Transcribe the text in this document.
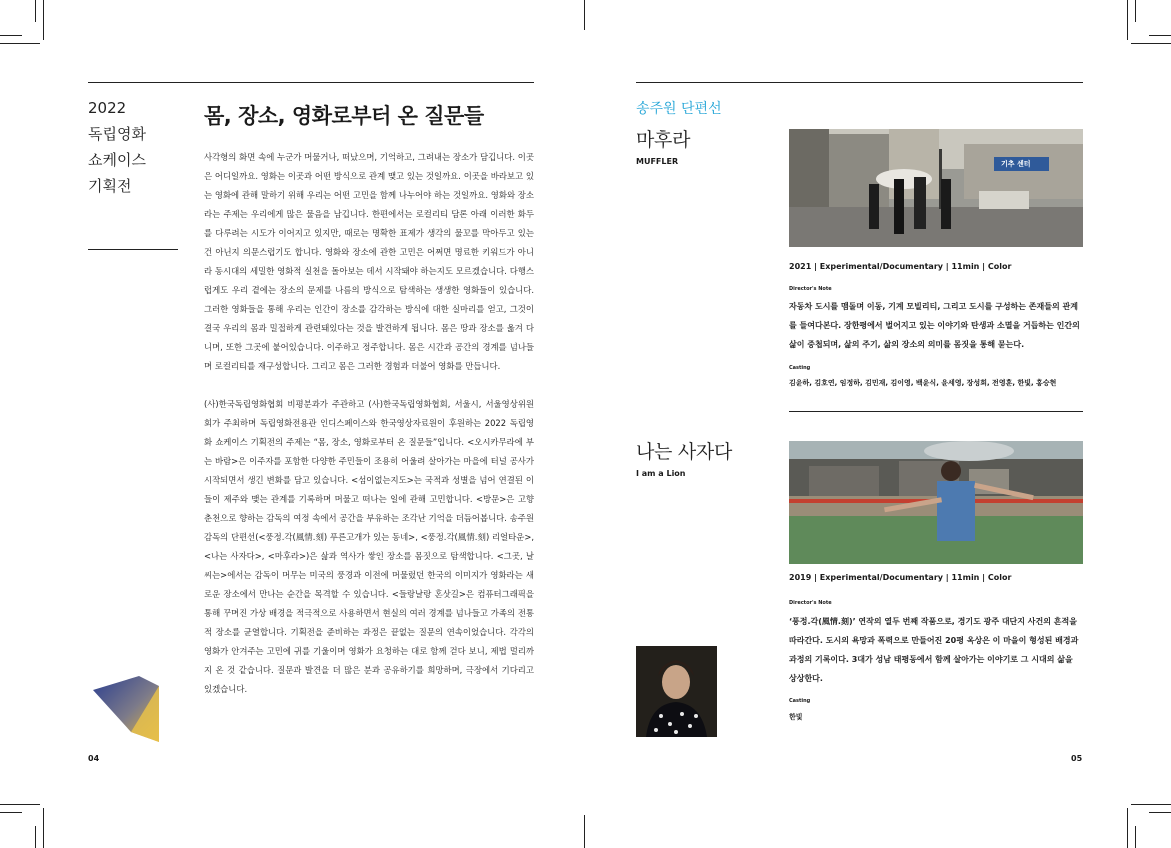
2022
독립영화
쇼케이스
기획전
몸, 장소, 영화로부터 온 질문들

사각형의 화면 속에 누군가 머물거나, 떠났으며, 기억하고, 그려내는 장소가 담깁니다. 이곳은 어디일까요. 영화는 이곳과 어떤 방식으로 관계 맺고 있는 것일까요. 이곳을 바라보고 있는 영화에 관해 말하기 위해 우리는 어떤 고민을 함께 나누어야 하는 것일까요. 영화와 장소라는 주제는 우리에게 많은 물음을 남깁니다. 한편에서는 로컬리티 담론 아래 이러한 화두를 다루려는 시도가 이어지고 있지만, 때로는 명확한 표제가 생각의 물꼬를 막아두고 있는 건 아닌지 의문스럽기도 합니다. 영화와 장소에 관한 고민은 어쩌면 명료한 키워드가 아니라 동시대의 세밀한 영화적 실천을 돌아보는 데서 시작돼야 하는지도 모르겠습니다. 다행스럽게도 우리 곁에는 장소의 문제를 나름의 방식으로 탐색하는 생생한 영화들이 있습니다. 그러한 영화들을 통해 우리는 인간이 장소를 감각하는 방식에 대한 실마리를 얻고, 그것이 결국 우리의 몸과 밀접하게 관련돼있다는 것을 발견하게 됩니다. 몸은 땅과 장소를 옮겨 다니며, 또한 그곳에 붙어있습니다. 이주하고 정주합니다. 몸은 시간과 공간의 경계를 넘나들며 로컬리티를 재구성합니다. 그리고 몸은 그러한 경험과 더불어 영화를 만듭니다.

(사)한국독립영화협회 비평분과가 주관하고 (사)한국독립영화협회, 서울시, 서울영상위원회가 주최하며 독립영화전용관 인디스페이스와 한국영상자료원이 후원하는 2022 독립영화 쇼케이스 기획전의 주제는 “몸, 장소, 영화로부터 온 질문들”입니다. <오시카무라에 부는 바람>은 이주자를 포함한 다양한 주민들이 조용히 어울려 살아가는 마을에 터널 공사가 시작되면서 생긴 변화를 담고 있습니다. <섬이없는지도>는 국적과 성별을 넘어 연결된 이들이 제주와 맺는 관계를 기록하며 머물고 떠나는 일에 관해 고민합니다. <방문>은 고향 춘천으로 향하는 감독의 여정 속에서 공간을 부유하는 조각난 기억을 더듬어봅니다. 송주원 감독의 단편선(<풍정.각(風情.刻) 푸른고개가 있는 동네>, <풍정.각(風情.刻) 리얼타운>, <나는 사자다>, <마후라>)은 삶과 역사가 쌓인 장소를 몸짓으로 탐색합니다. <그곳, 날씨는>에서는 감독이 머무는 미국의 풍경과 이전에 머물렀던 한국의 이미지가 영화라는 새로운 장소에서 만나는 순간을 목격할 수 있습니다. <들랑날랑 혼삿길>은 컴퓨터그래픽을 통해 꾸며진 가상 배경을 적극적으로 사용하면서 현실의 여러 경계를 넘나들고 가족의 전통적 장소를 균열합니다. 기획전을 준비하는 과정은 끝없는 질문의 연속이었습니다. 각각의 영화가 안겨주는 고민에 귀를 기울이며 영화가 요청하는 대로 함께 걷다 보니, 제법 멀리까지 온 것 같습니다. 질문과 발견을 더 많은 분과 공유하기를 희망하며, 극장에서 기다리고 있겠습니다.

04
송주원 단편선
마후라
MUFFLER	기추 센터
2021 | Experimental/Documentary | 11min | Color
Director's Note
자동차 도시를 맴돌며 이동, 기계 모빌리티, 그리고 도시를 구성하는 존재들의 관계를 들여다본다. 장한평에서 벌어지고 있는 이야기와 탄생과 소멸을 거듭하는 인간의 삶이 중첩되며, 삶의 주기, 삶의 장소의 의미를 몸짓을 통해 묻는다.
Casting
김윤하, 김호연, 임정하, 김민재, 김이영, 백윤식, 윤세영, 장성희, 전영훈, 한빛, 홍승현
나는 사자다
I am a Lion
2019 | Experimental/Documentary | 11min | Color
Director's Note
‘풍정.각(風情.刻)’ 연작의 열두 번째 작품으로, 경기도 광주 대단지 사건의 흔적을 따라간다. 도시의 욕망과 폭력으로 만들어진 20평 옥상은 이 마을이 형성된 배경과 과정의 기록이다. 3대가 성남 태평동에서 함께 살아가는 이야기로 그 시대의 삶을 상상한다.
Casting
한빛
05
